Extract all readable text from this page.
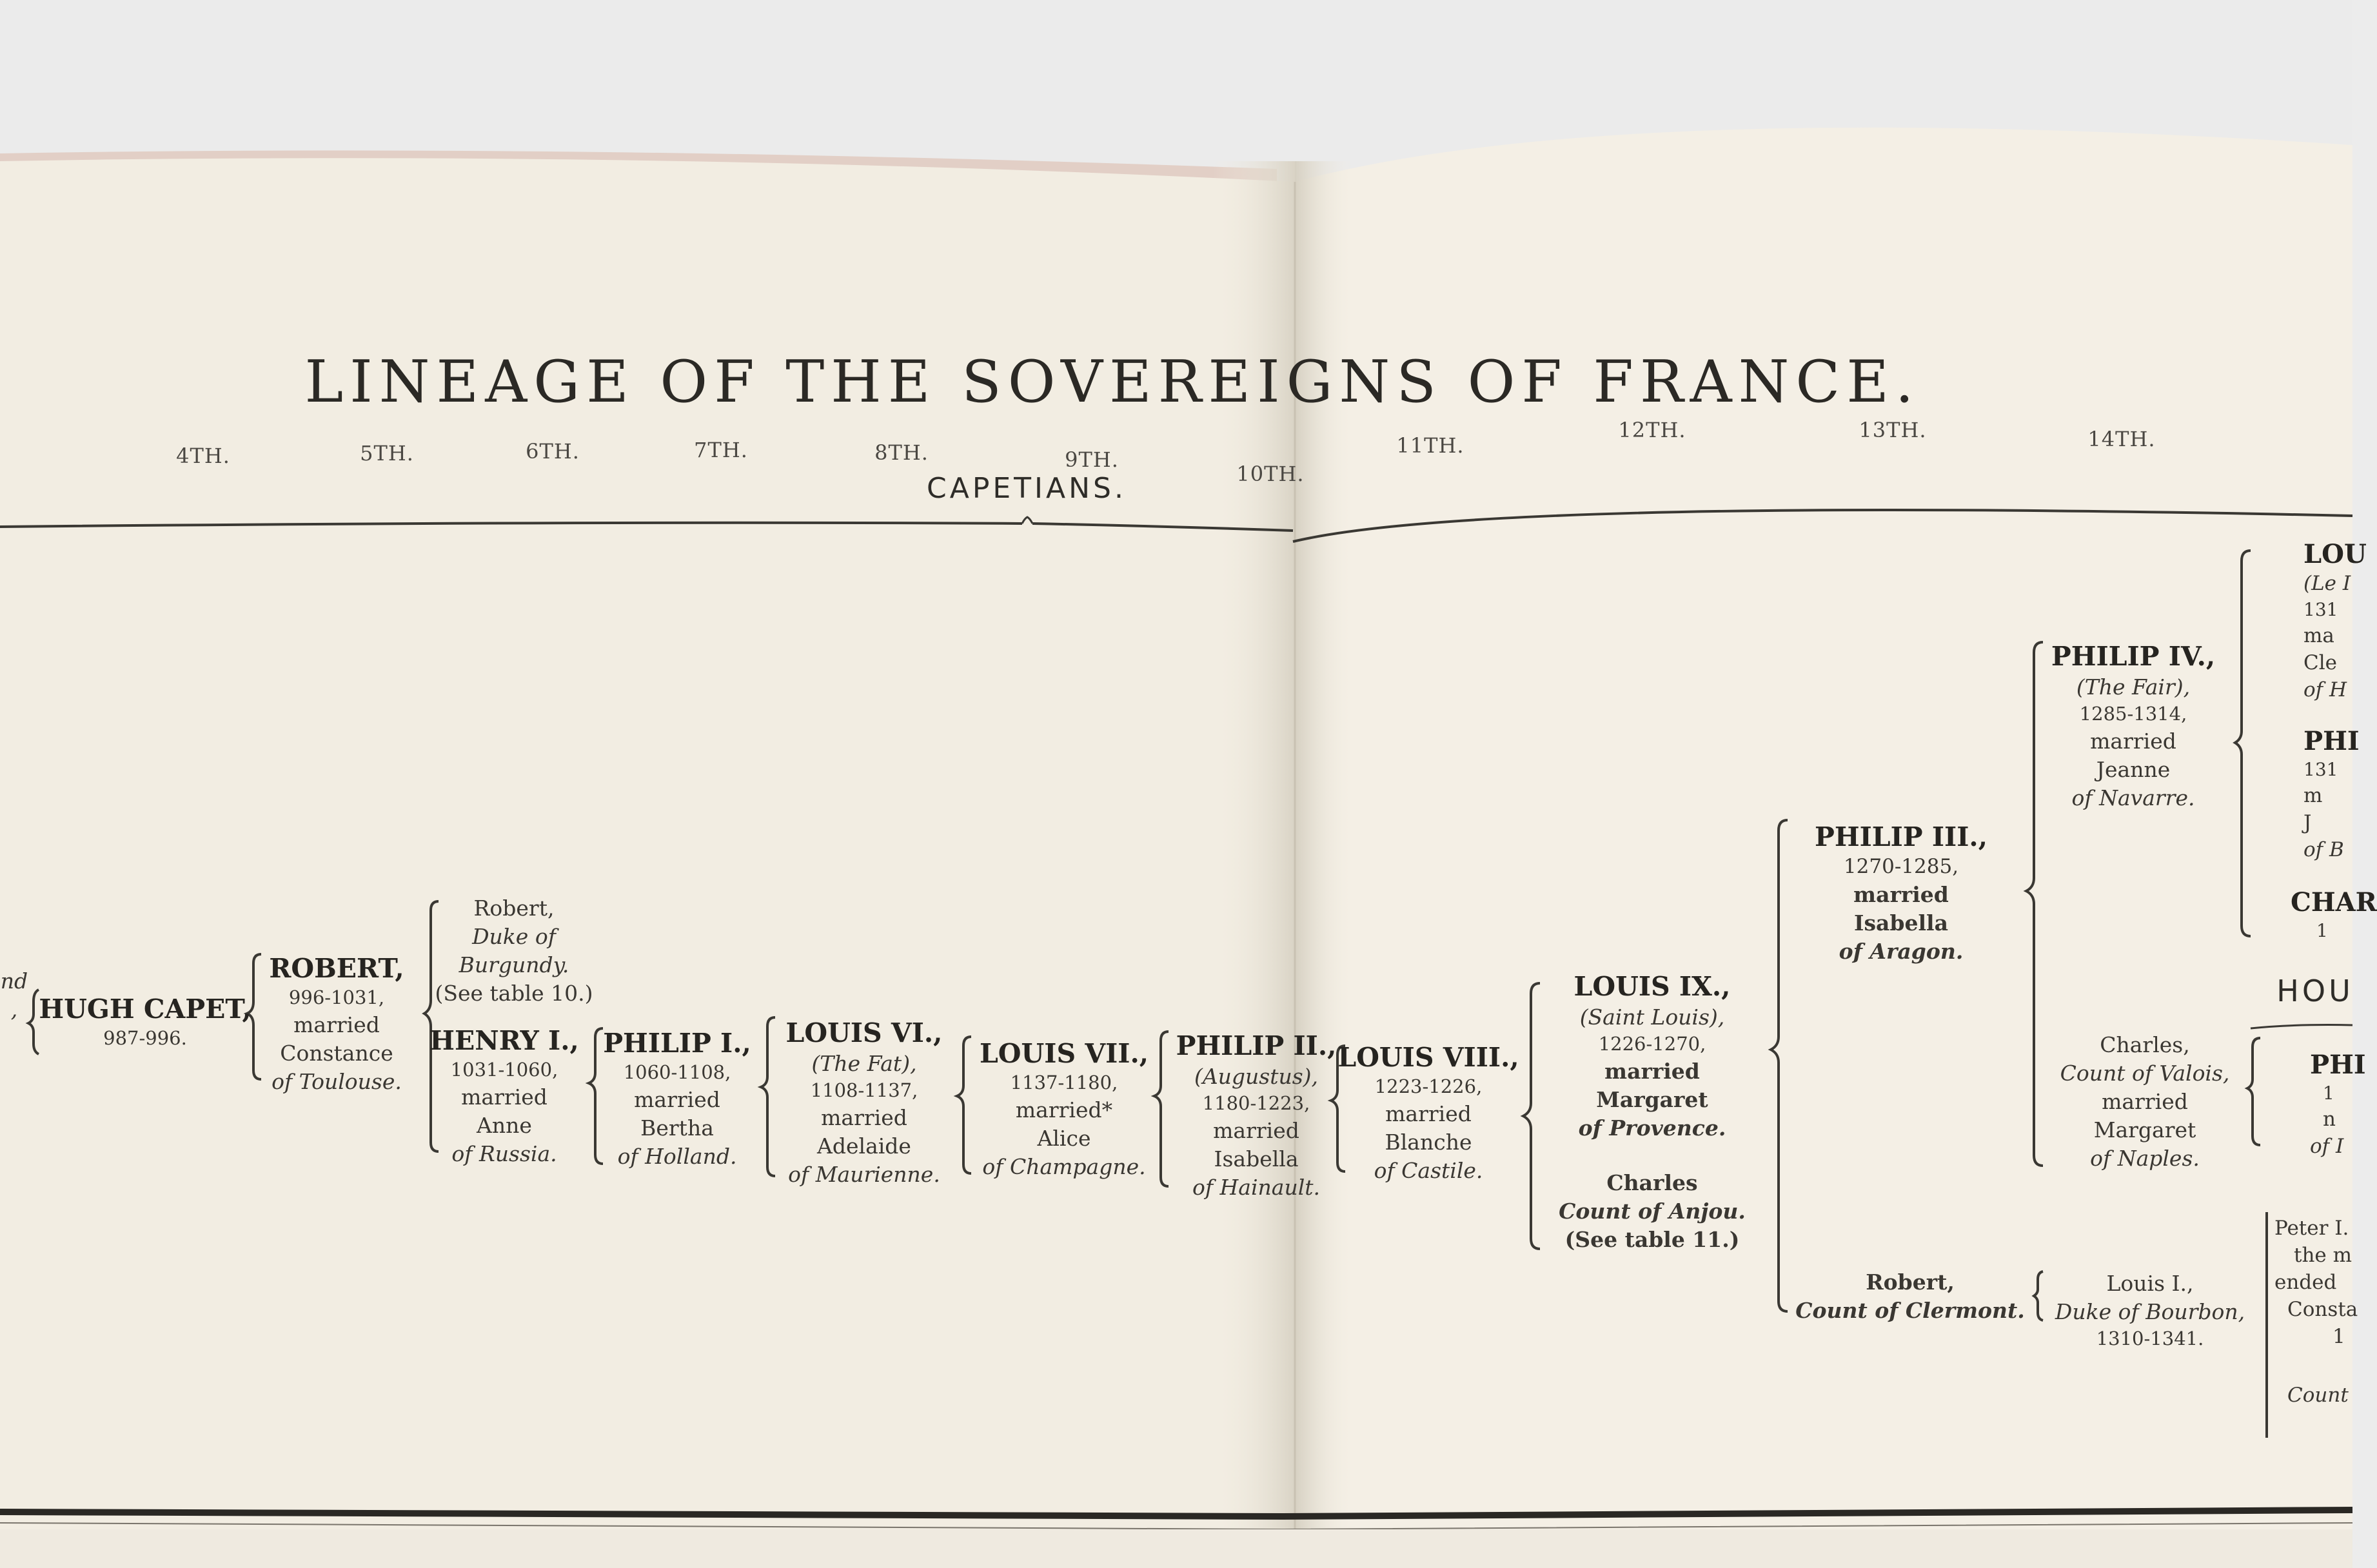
LINEAGE OF THE SOVEREIGNS OF FRANCE.
CAPETIANS.
HOU
4TH.	5TH.	6TH.	7TH.	8TH.	9TH.
10TH.
11TH.
12TH.	13TH.	14TH.
nd
, HUGH CAPET,
987-996.
ROBERT,
996-1031,
married
Constance
of Toulouse.
Robert,
Duke of
Burgundy.
(See table 10.)
HENRY I.,
1031-1060,
married
Anne
of Russia.
PHILIP I.,
1060-1108,
married
Bertha
of Holland.
LOUIS VI.,
(The Fat),
1108-1137,
married
Adelaide
of Maurienne.
LOUIS VII.,
1137-1180,
married*
Alice
of Champagne.
PHILIP II.,
(Augustus),
1180-1223,
married
Isabella
of Hainault.
LOUIS VIII.,
1223-1226,
married
Blanche
of Castile.
LOUIS IX.,
(Saint Louis),
1226-1270,
married
Margaret
of Provence.
Charles
Count of Anjou.
(See table 11.)
PHILIP III.,
1270-1285,
married
Isabella
of Aragon.
Robert,
Count of Clermont.
PHILIP IV.,
(The Fair),
1285-1314,
married
Jeanne
of Navarre.
Charles,
Count of Valois,
married
Margaret
of Naples.
Louis I.,
Duke of Bourbon,
1310-1341.
LOU
(Le I
131
ma
Cle
of H
PHI
131
m
J
of B
CHAR
1
PHI
1
n
of I
Peter I.
the m
ended
Consta
1
Count
